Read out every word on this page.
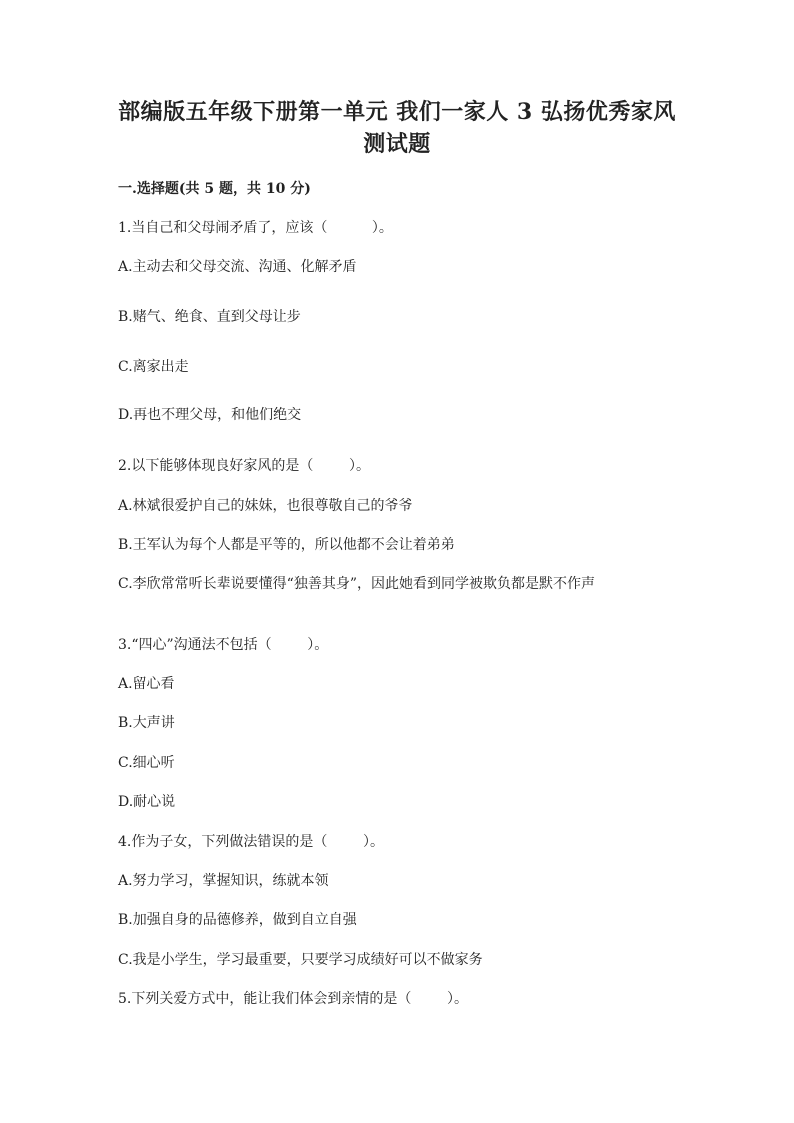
部编版五年级下册第一单元 我们一家人 3 弘扬优秀家风测试题

一.选择题(共 5 题，共 10 分)

1.当自己和父母闹矛盾了，应该（          ）。

A.主动去和父母交流、沟通、化解矛盾

B.赌气、绝食、直到父母让步

C.离家出走

D.再也不理父母，和他们绝交

2.以下能够体现良好家风的是（        ）。

A.林斌很爱护自己的妹妹，也很尊敬自己的爷爷

B.王军认为每个人都是平等的，所以他都不会让着弟弟

C.李欣常常听长辈说要懂得“独善其身”，因此她看到同学被欺负都是默不作声

3.“四心”沟通法不包括（        ）。

A.留心看

B.大声讲

C.细心听

D.耐心说

4.作为子女，下列做法错误的是（        ）。

A.努力学习，掌握知识，练就本领

B.加强自身的品德修养，做到自立自强

C.我是小学生，学习最重要，只要学习成绩好可以不做家务

5.下列关爱方式中，能让我们体会到亲情的是（        ）。
